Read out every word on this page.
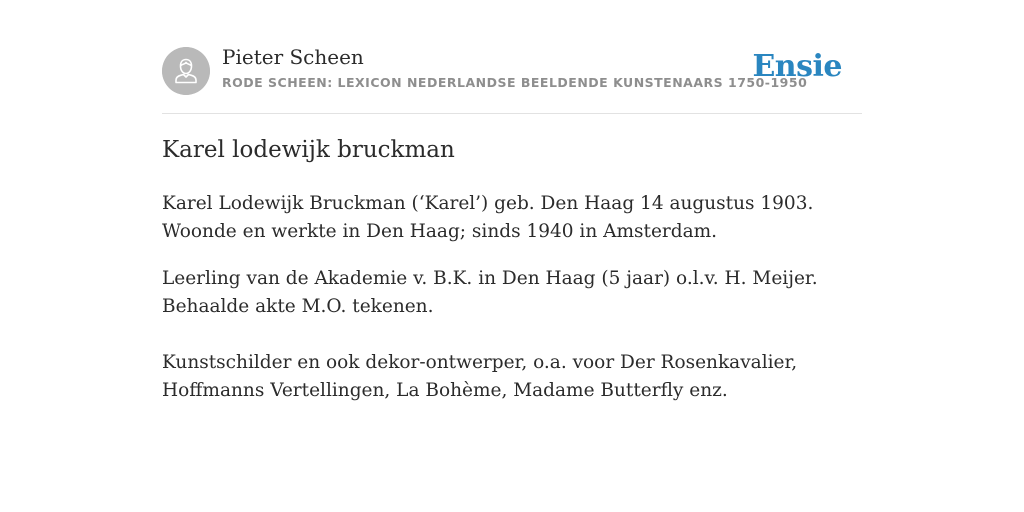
Pieter Scheen
RODE SCHEEN: LEXICON NEDERLANDSE BEELDENDE KUNSTENAARS 1750-1950
Ensie
Karel lodewijk bruckman

Karel Lodewijk Bruckman (‘Karel’) geb. Den Haag 14 augustus 1903. Woonde en werkte in Den Haag; sinds 1940 in Amsterdam.

Leerling van de Akademie v. B.K. in Den Haag (5 jaar) o.l.v. H. Meijer. Behaalde akte M.O. tekenen.

Kunstschilder en ook dekor-ontwerper, o.a. voor Der Rosenkavalier, Hoffmanns Vertellingen, La Bohème, Madame Butterfly enz.
